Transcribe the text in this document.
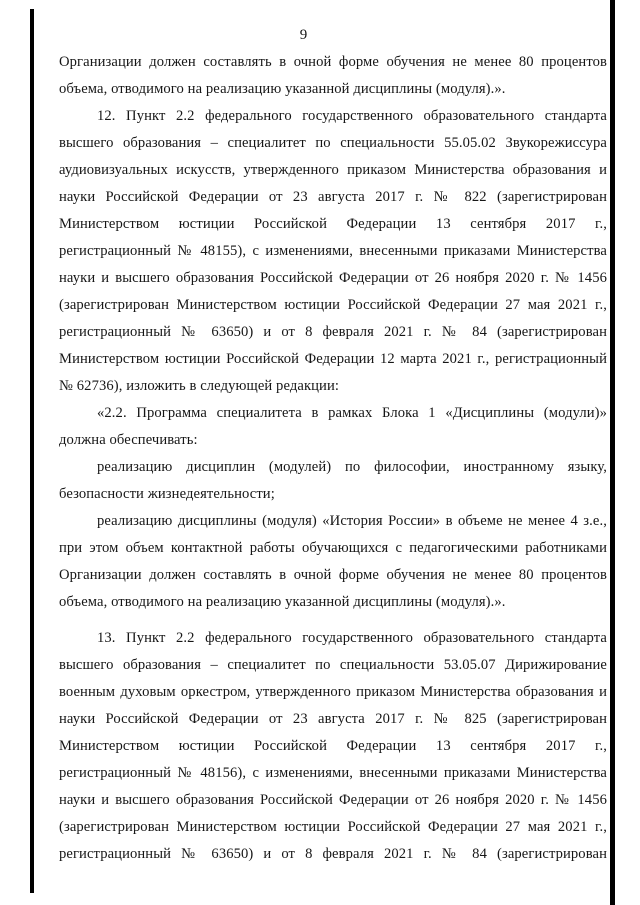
9

Организации должен составлять в очной форме обучения не менее 80 процентов объема, отводимого на реализацию указанной дисциплины (модуля).».

12. Пункт 2.2 федерального государственного образовательного стандарта высшего образования – специалитет по специальности 55.05.02 Звукорежиссура аудиовизуальных искусств, утвержденного приказом Министерства образования и науки Российской Федерации от 23 августа 2017 г. № 822 (зарегистрирован Министерством юстиции Российской Федерации 13 сентября 2017 г., регистрационный № 48155), с изменениями, внесенными приказами Министерства науки и высшего образования Российской Федерации от 26 ноября 2020 г. № 1456 (зарегистрирован Министерством юстиции Российской Федерации 27 мая 2021 г., регистрационный № 63650) и от 8 февраля 2021 г. № 84 (зарегистрирован Министерством юстиции Российской Федерации 12 марта 2021 г., регистрационный № 62736), изложить в следующей редакции:

«2.2. Программа специалитета в рамках Блока 1 «Дисциплины (модули)» должна обеспечивать:

реализацию дисциплин (модулей) по философии, иностранному языку, безопасности жизнедеятельности;

реализацию дисциплины (модуля) «История России» в объеме не менее 4 з.е., при этом объем контактной работы обучающихся с педагогическими работниками Организации должен составлять в очной форме обучения не менее 80 процентов объема, отводимого на реализацию указанной дисциплины (модуля).».

13. Пункт 2.2 федерального государственного образовательного стандарта высшего образования – специалитет по специальности 53.05.07 Дирижирование военным духовым оркестром, утвержденного приказом Министерства образования и науки Российской Федерации от 23 августа 2017 г. № 825 (зарегистрирован Министерством юстиции Российской Федерации 13 сентября 2017 г., регистрационный № 48156), с изменениями, внесенными приказами Министерства науки и высшего образования Российской Федерации от 26 ноября 2020 г. № 1456 (зарегистрирован Министерством юстиции Российской Федерации 27 мая 2021 г., регистрационный № 63650) и от 8 февраля 2021 г. № 84 (зарегистрирован
